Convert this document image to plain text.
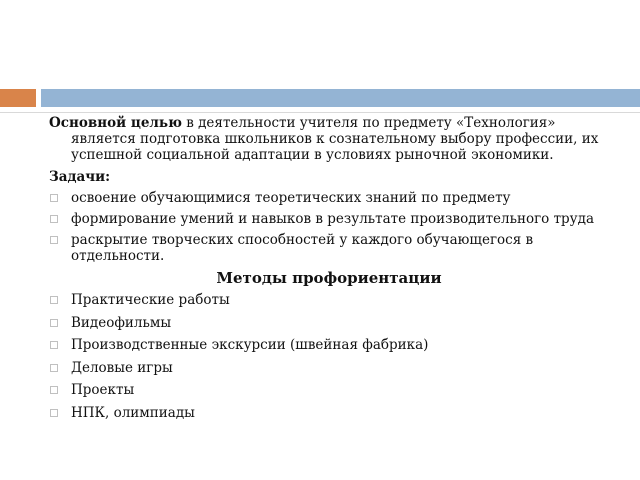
Основной целью в деятельности учителя по предмету «Технология» является подготовка школьников к сознательному выбору профессии, их успешной социальной адаптации в условиях рыночной экономики.

Задачи:

освоение обучающимися теоретических знаний по предмету
формирование умений и навыков в результате производительного труда
раскрытие творческих способностей у каждого обучающегося в отдельности.
Методы профориентации
Практические работы
Видеофильмы
Производственные экскурсии (швейная фабрика)
Деловые игры
Проекты
НПК, олимпиады
